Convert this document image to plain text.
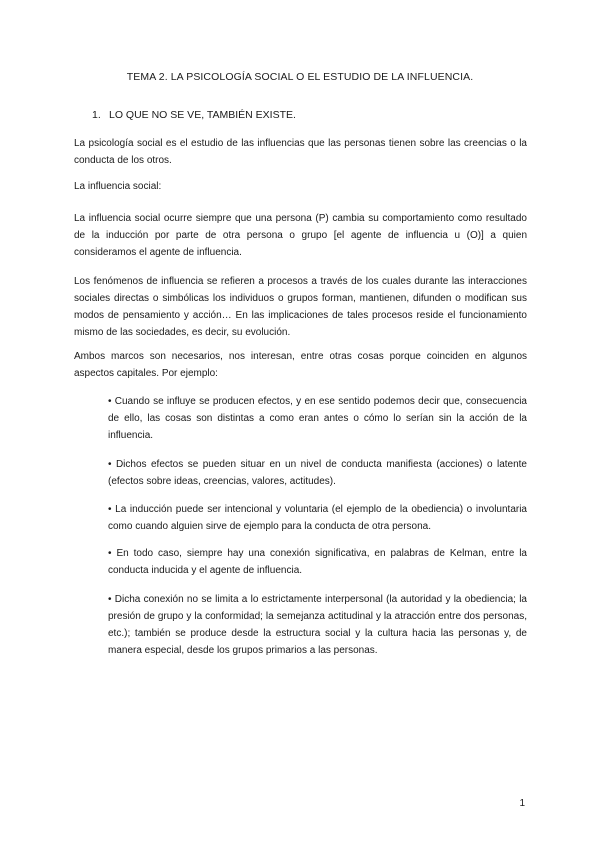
TEMA 2. LA PSICOLOGÍA SOCIAL O EL ESTUDIO DE LA INFLUENCIA.
1. LO QUE NO SE VE, TAMBIÉN EXISTE.

La psicología social es el estudio de las influencias que las personas tienen sobre las creencias o la conducta de los otros.

La influencia social:

La influencia social ocurre siempre que una persona (P) cambia su comportamiento como resultado de la inducción por parte de otra persona o grupo [el agente de influencia u (O)] a quien consideramos el agente de influencia.

Los fenómenos de influencia se refieren a procesos a través de los cuales durante las interacciones sociales directas o simbólicas los individuos o grupos forman, mantienen, difunden o modifican sus modos de pensamiento y acción… En las implicaciones de tales procesos reside el funcionamiento mismo de las sociedades, es decir, su evolución.

Ambos marcos son necesarios, nos interesan, entre otras cosas porque coinciden en algunos aspectos capitales. Por ejemplo:

• Cuando se influye se producen efectos, y en ese sentido podemos decir que, consecuencia de ello, las cosas son distintas a como eran antes o cómo lo serían sin la acción de la influencia.

• Dichos efectos se pueden situar en un nivel de conducta manifiesta (acciones) o latente (efectos sobre ideas, creencias, valores, actitudes).

• La inducción puede ser intencional y voluntaria (el ejemplo de la obediencia) o involuntaria como cuando alguien sirve de ejemplo para la conducta de otra persona.

• En todo caso, siempre hay una conexión significativa, en palabras de Kelman, entre la conducta inducida y el agente de influencia.

• Dicha conexión no se limita a lo estrictamente interpersonal (la autoridad y la obediencia; la presión de grupo y la conformidad; la semejanza actitudinal y la atracción entre dos personas, etc.); también se produce desde la estructura social y la cultura hacia las personas y, de manera especial, desde los grupos primarios a las personas.

1
